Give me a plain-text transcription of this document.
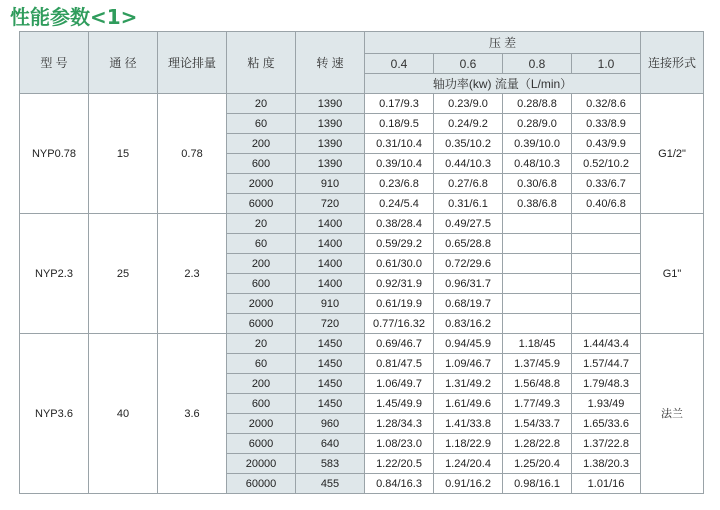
性能参数<1>
型 号	通 径	理论排量	粘 度	转 速	压 差				连接形式
					0.4	0.6	0.8	1.0	
					轴功率(kw) 流量（L/min）				
NYP0.78	15	0.78	20	1390	0.17/9.3	0.23/9.0	0.28/8.8	0.32/8.6	G1/2"
			60	1390	0.18/9.5	0.24/9.2	0.28/9.0	0.33/8.9	
			200	1390	0.31/10.4	0.35/10.2	0.39/10.0	0.43/9.9	
			600	1390	0.39/10.4	0.44/10.3	0.48/10.3	0.52/10.2	
			2000	910	0.23/6.8	0.27/6.8	0.30/6.8	0.33/6.7	
			6000	720	0.24/5.4	0.31/6.1	0.38/6.8	0.40/6.8	
NYP2.3	25	2.3	20	1400	0.38/28.4	0.49/27.5			G1"
			60	1400	0.59/29.2	0.65/28.8			
			200	1400	0.61/30.0	0.72/29.6			
			600	1400	0.92/31.9	0.96/31.7			
			2000	910	0.61/19.9	0.68/19.7			
			6000	720	0.77/16.32	0.83/16.2			
NYP3.6	40	3.6	20	1450	0.69/46.7	0.94/45.9	1.18/45	1.44/43.4	法兰
			60	1450	0.81/47.5	1.09/46.7	1.37/45.9	1.57/44.7	
			200	1450	1.06/49.7	1.31/49.2	1.56/48.8	1.79/48.3	
			600	1450	1.45/49.9	1.61/49.6	1.77/49.3	1.93/49	
			2000	960	1.28/34.3	1.41/33.8	1.54/33.7	1.65/33.6	
			6000	640	1.08/23.0	1.18/22.9	1.28/22.8	1.37/22.8	
			20000	583	1.22/20.5	1.24/20.4	1.25/20.4	1.38/20.3	
			60000	455	0.84/16.3	0.91/16.2	0.98/16.1	1.01/16	
